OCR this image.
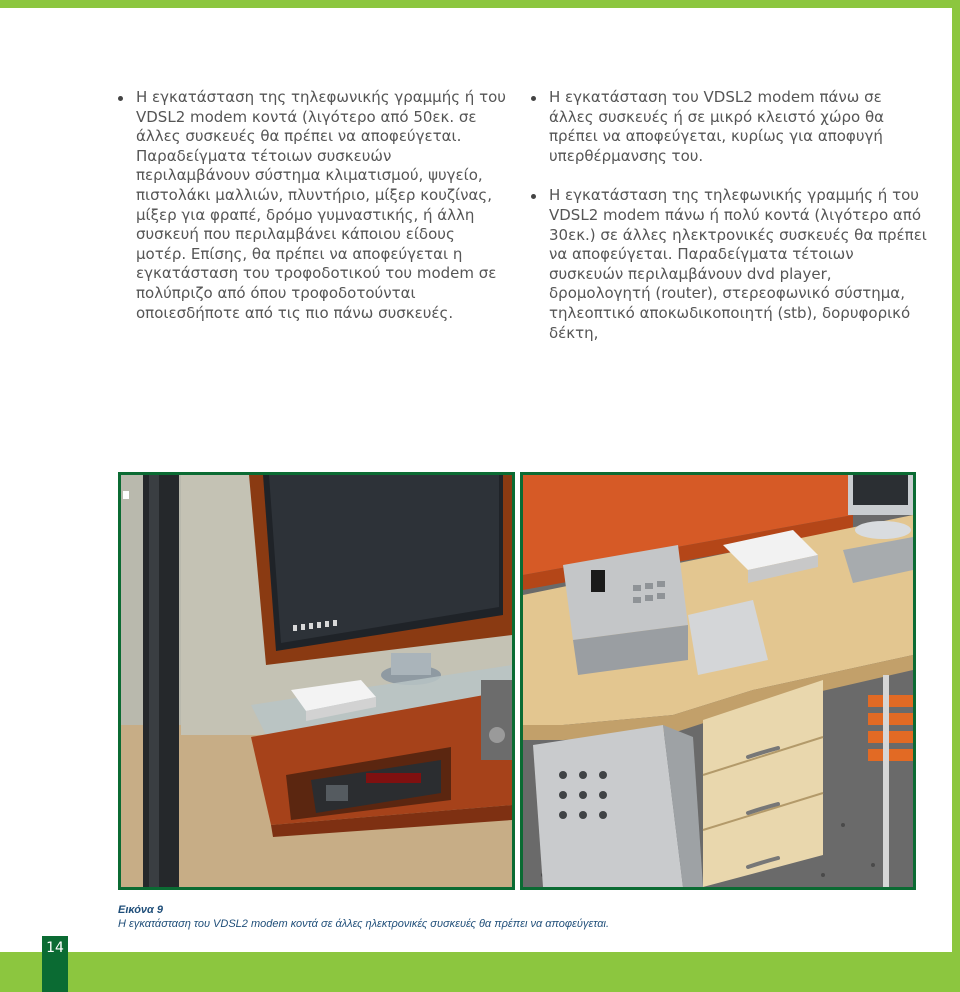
14
Η εγκατάσταση της τηλεφωνικής γραμμής ή του VDSL2 modem κοντά (λιγότερο από 50εκ. σε άλλες συσκευές θα πρέπει να αποφεύγεται. Παραδείγματα τέτοιων συσκευών περιλαμβάνουν σύστημα κλιματισμού, ψυγείο, πιστολάκι μαλλιών, πλυντήριο, μίξερ κουζίνας, μίξερ για φραπέ, δρόμο γυμναστικής, ή άλλη συσκευή που περιλαμβάνει κάποιου είδους μοτέρ. Επίσης, θα πρέπει να αποφεύγεται η εγκατάσταση του τροφοδοτικού του modem σε πολύπριζο από όπου τροφοδοτούνται οποιεσδήποτε από τις πιο πάνω συσκευές.
Η εγκατάσταση του VDSL2 modem πάνω σε άλλες συσκευές ή σε μικρό κλειστό χώρο θα πρέπει να αποφεύγεται, κυρίως για αποφυγή υπερθέρμανσης του.
Η εγκατάσταση της τηλεφωνικής γραμμής ή του VDSL2 modem πάνω ή πολύ κοντά (λιγότερο από 30εκ.) σε άλλες ηλεκτρονικές συσκευές θα πρέπει να αποφεύγεται. Παραδείγματα τέτοιων συσκευών περιλαμβάνουν dvd player, δρομολογητή (router), στερεοφωνικό σύστημα, τηλεοπτικό αποκωδικοποιητή (stb), δορυφορικό δέκτη,
Εικόνα 9
Η εγκατάσταση του VDSL2 modem κοντά σε άλλες ηλεκτρονικές συσκευές θα πρέπει να αποφεύγεται.
